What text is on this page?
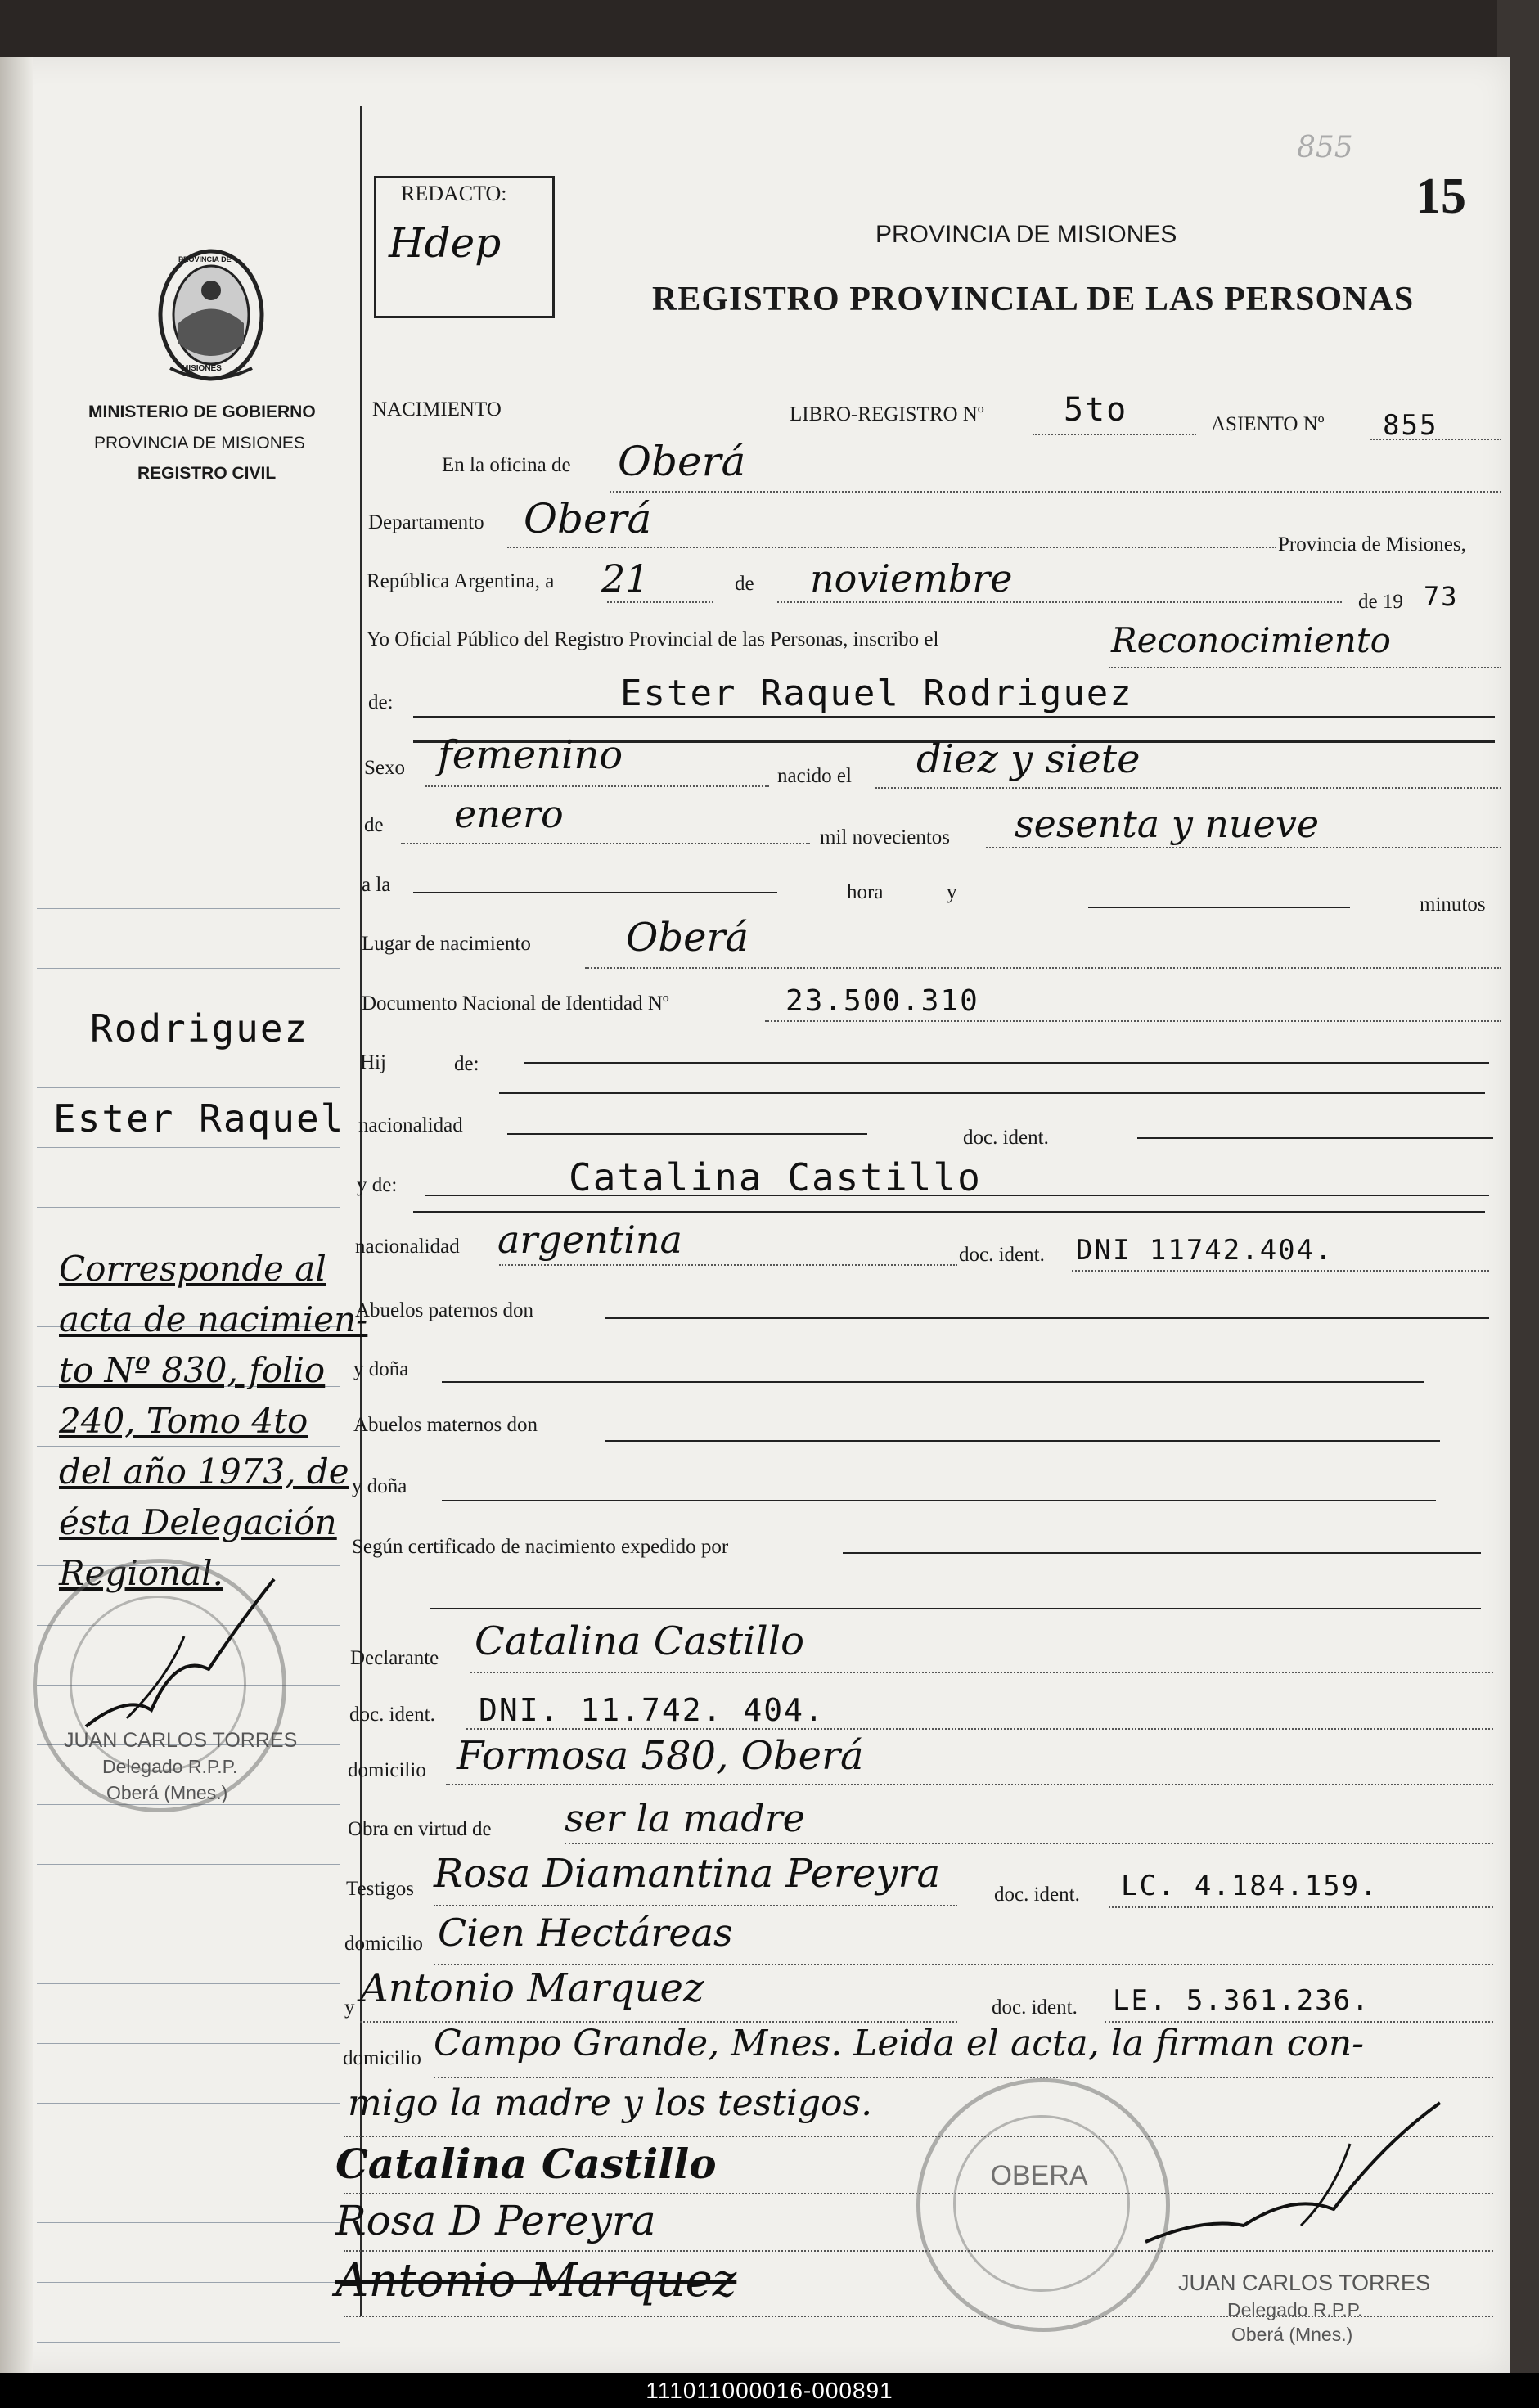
REDACTO:
Hdep
855
15
PROVINCIA DE MISIONES
REGISTRO PROVINCIAL DE LAS PERSONAS
PROVINCIA DE
MISIONES
MINISTERIO DE GOBIERNO
PROVINCIA DE MISIONES
REGISTRO CIVIL
Rodriguez
Ester Raquel
Corresponde al
acta de nacimien-
to Nº 830, folio
240, Tomo 4to
del año 1973, de
ésta Delegación
Regional.
JUAN CARLOS TORRES
Delegado R.P.P.
Oberá (Mnes.)
NACIMIENTO	LIBRO-REGISTRO Nº 5to	ASIENTO Nº 855
En la oficina de Oberá
Departamento Oberá
Provincia de Misiones,
República Argentina, a 21	de noviembre
de 19 73
Yo Oficial Público del Registro Provincial de las Personas, inscribo el	Reconocimiento
de:	Ester Raquel Rodriguez
Sexo femenino	nacido el diez y siete
de enero
mil novecientos sesenta y nueve
a la	hora	y
minutos
Lugar de nacimiento Oberá
Documento Nacional de Identidad Nº	23.500.310
Hij	de:
nacionalidad
doc. ident.
y de:	Catalina Castillo
nacionalidad argentina	doc. ident. DNI 11742.404.
Abuelos paternos don
y doña
Abuelos maternos don
y doña
Según certificado de nacimiento expedido por
Declarante Catalina Castillo
doc. ident. DNI. 11.742. 404.
domicilio Formosa 580, Oberá
Obra en virtud de ser la madre
Testigos Rosa Diamantina Pereyra	doc. ident. LC. 4.184.159.
domicilio Cien Hectáreas
y Antonio Marquez	doc. ident. LE. 5.361.236.
domicilio Campo Grande, Mnes. Leida el acta, la firman con-
migo la madre y los testigos.
Catalina Castillo
Rosa D Pereyra
Antonio Marquez
OBERA
JUAN CARLOS TORRES
Delegado R.P.P.
Oberá (Mnes.)
111011000016-000891
